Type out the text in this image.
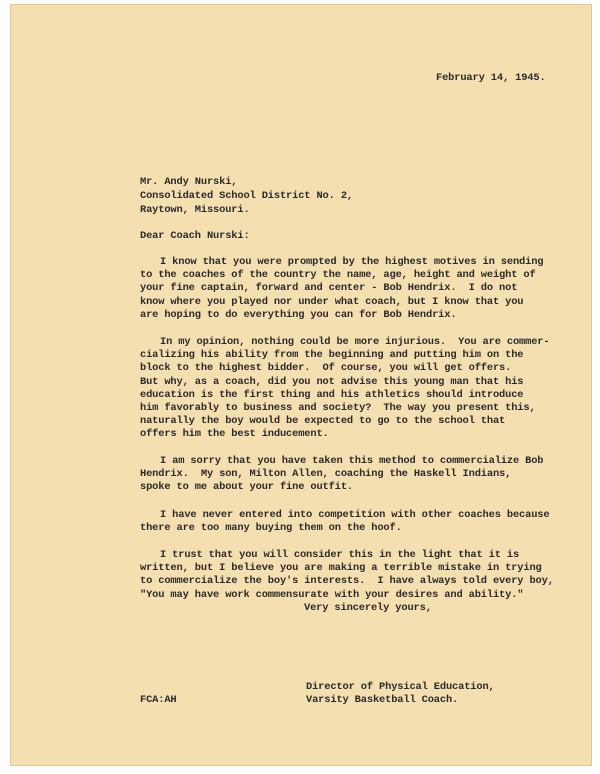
February 14, 1945.
Mr. Andy Nurski,
Consolidated School District No. 2,
Raytown, Missouri.
Dear Coach Nurski:
I know that you were prompted by the highest motives in sending
to the coaches of the country the name, age, height and weight of
your fine captain, forward and center - Bob Hendrix.  I do not
know where you played nor under what coach, but I know that you
are hoping to do everything you can for Bob Hendrix.
In my opinion, nothing could be more injurious.  You are commer-
cializing his ability from the beginning and putting him on the
block to the highest bidder.  Of course, you will get offers.
But why, as a coach, did you not advise this young man that his
education is the first thing and his athletics should introduce
him favorably to business and society?  The way you present this,
naturally the boy would be expected to go to the school that
offers him the best inducement.
I am sorry that you have taken this method to commercialize Bob
Hendrix.  My son, Milton Allen, coaching the Haskell Indians,
spoke to me about your fine outfit.
I have never entered into competition with other coaches because
there are too many buying them on the hoof.
I trust that you will consider this in the light that it is
written, but I believe you are making a terrible mistake in trying
to commercialize the boy's interests.  I have always told every boy,
"You may have work commensurate with your desires and ability."
Very sincerely yours,
FCA:AH
Director of Physical Education,
Varsity Basketball Coach.
